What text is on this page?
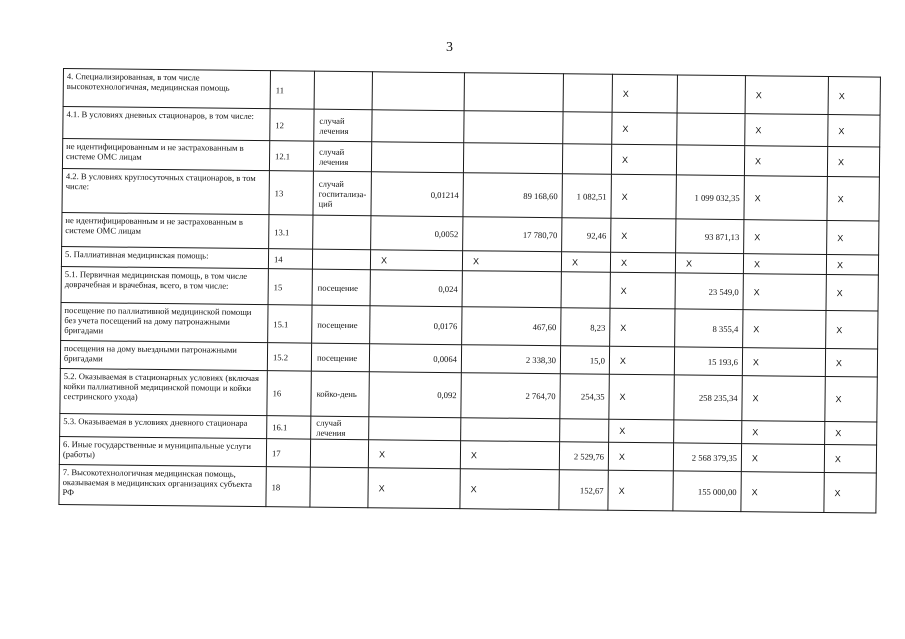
3
4. Специализированная, в том числе высокотехнологичная, медицинская помощь	11					X		X	X
4.1. В условиях дневных стационаров, в том числе:	12	случай лечения				X		X	X
не идентифицированным и не застрахованным в системе ОМС лицам	12.1	случай лечения				X		X	X
4.2. В условиях круглосуточных стационаров, в том числе:	13	случай госпитализа-ций	0,01214	89 168,60	1 082,51	X	1 099 032,35	X	X
не идентифицированным и не застрахованным в системе ОМС лицам	13.1		0,0052	17 780,70	92,46	X	93 871,13	X	X
5. Паллиативная медицинская помощь:	14		X	X	X	X	X	X	X
5.1. Первичная медицинская помощь, в том числе доврачебная и врачебная, всего, в том числе:	15	посещение	0,024			X	23 549,0	X	X
посещение по паллиативной медицинской помощи без учета посещений на дому патронажными бригадами	15.1	посещение	0,0176	467,60	8,23	X	8 355,4	X	X
посещения на дому выездными патронажными бригадами	15.2	посещение	0,0064	2 338,30	15,0	X	15 193,6	X	X
5.2. Оказываемая в стационарных условиях (включая койки паллиативной медицинской помощи и койки сестринского ухода)	16	койко-день	0,092	2 764,70	254,35	X	258 235,34	X	X
5.3. Оказываемая в условиях дневного стационара	16.1	случай лечения				X		X	X
6. Иные государственные и муниципальные услуги (работы)	17		X	X	2 529,76	X	2 568 379,35	X	X
7. Высокотехнологичная медицинская помощь, оказываемая в медицинских организациях субъекта РФ	18		X	X	152,67	X	155 000,00	X	X
